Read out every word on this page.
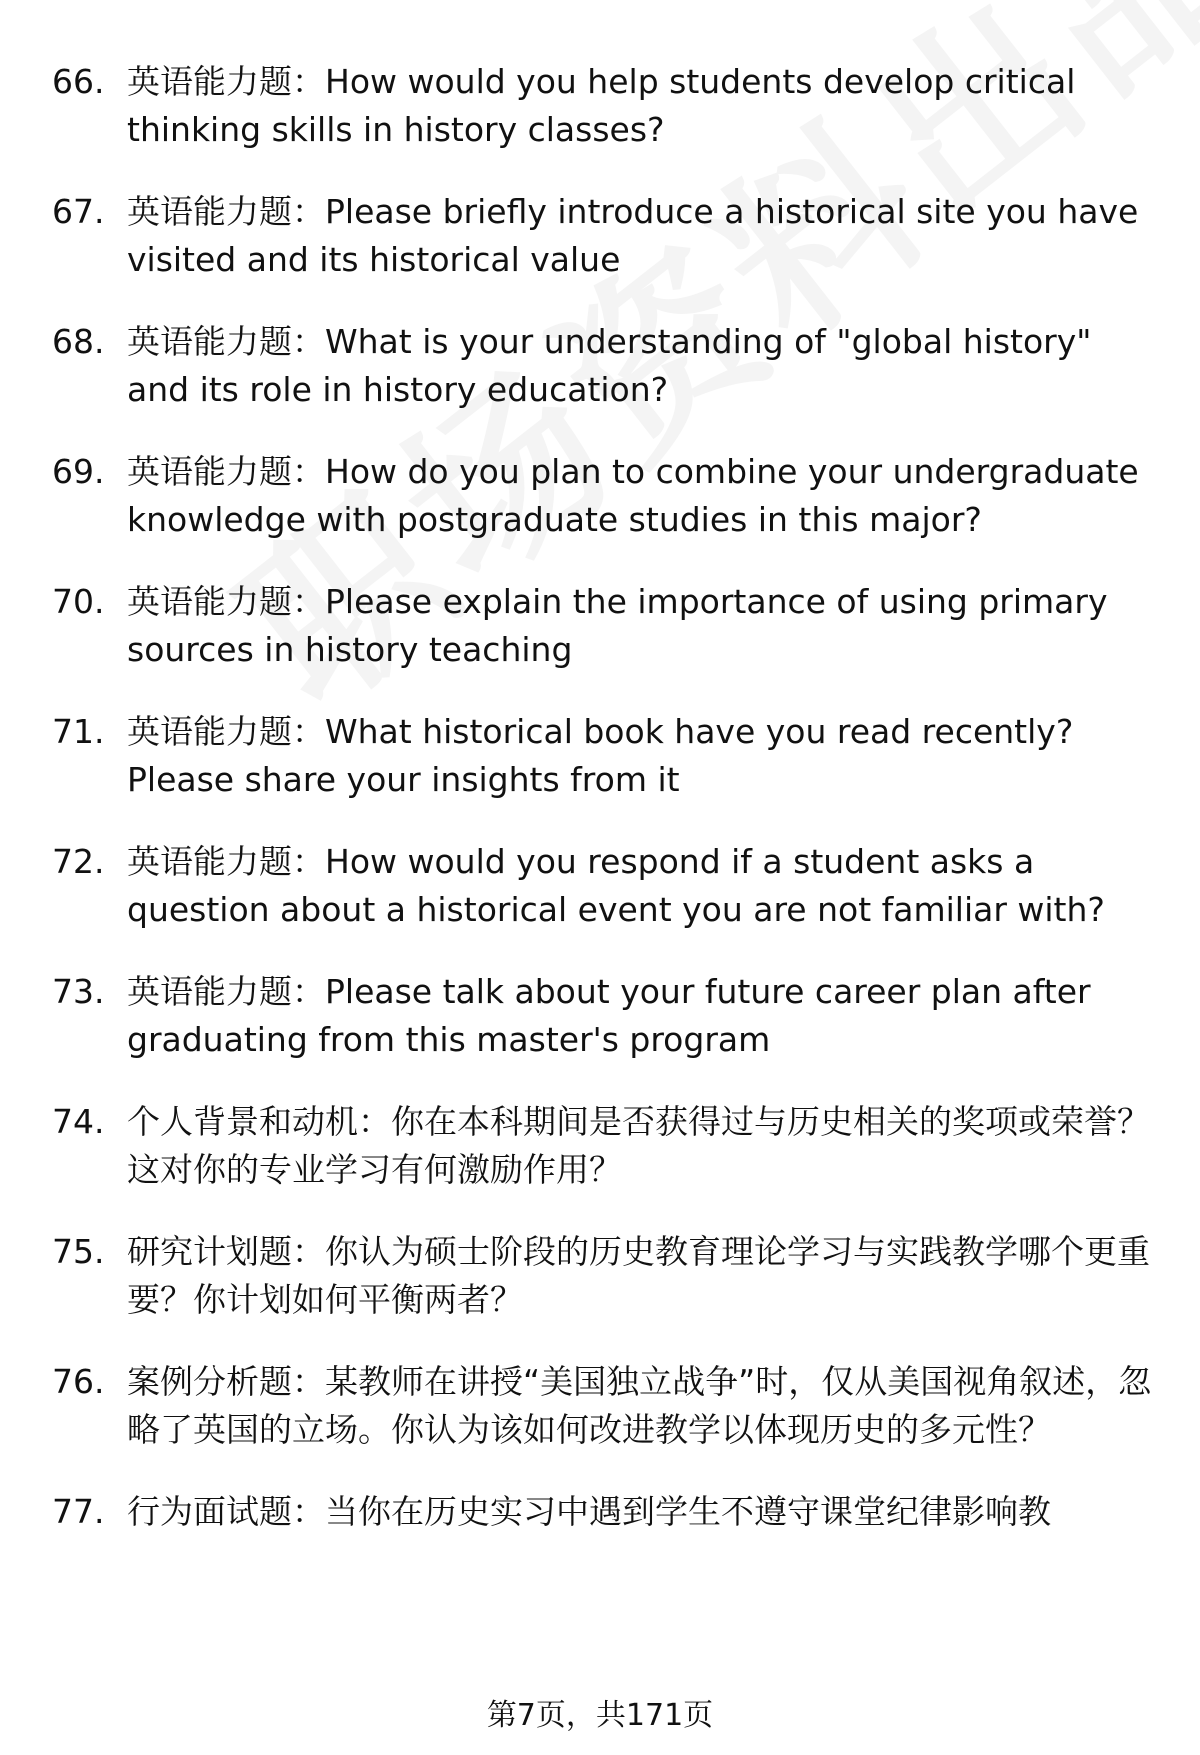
66. 英语能力题：How would you help students develop critical thinking skills in history classes?
67. 英语能力题：Please briefly introduce a historical site you have visited and its historical value
68. 英语能力题：What is your understanding of "global history" and its role in history education?
69. 英语能力题：How do you plan to combine your undergraduate knowledge with postgraduate studies in this major?
70. 英语能力题：Please explain the importance of using primary sources in history teaching
71. 英语能力题：What historical book have you read recently? Please share your insights from it
72. 英语能力题：How would you respond if a student asks a question about a historical event you are not familiar with?
73. 英语能力题：Please talk about your future career plan after graduating from this master's program
74. 个人背景和动机：你在本科期间是否获得过与历史相关的奖项或荣誉？这对你的专业学习有何激励作用？
75. 研究计划题：你认为硕士阶段的历史教育理论学习与实践教学哪个更重要？你计划如何平衡两者？
76. 案例分析题：某教师在讲授“美国独立战争”时，仅从美国视角叙述，忽略了英国的立场。你认为该如何改进教学以体现历史的多元性？
77. 行为面试题：当你在历史实习中遇到学生不遵守课堂纪律影响教
第7页，共171页
